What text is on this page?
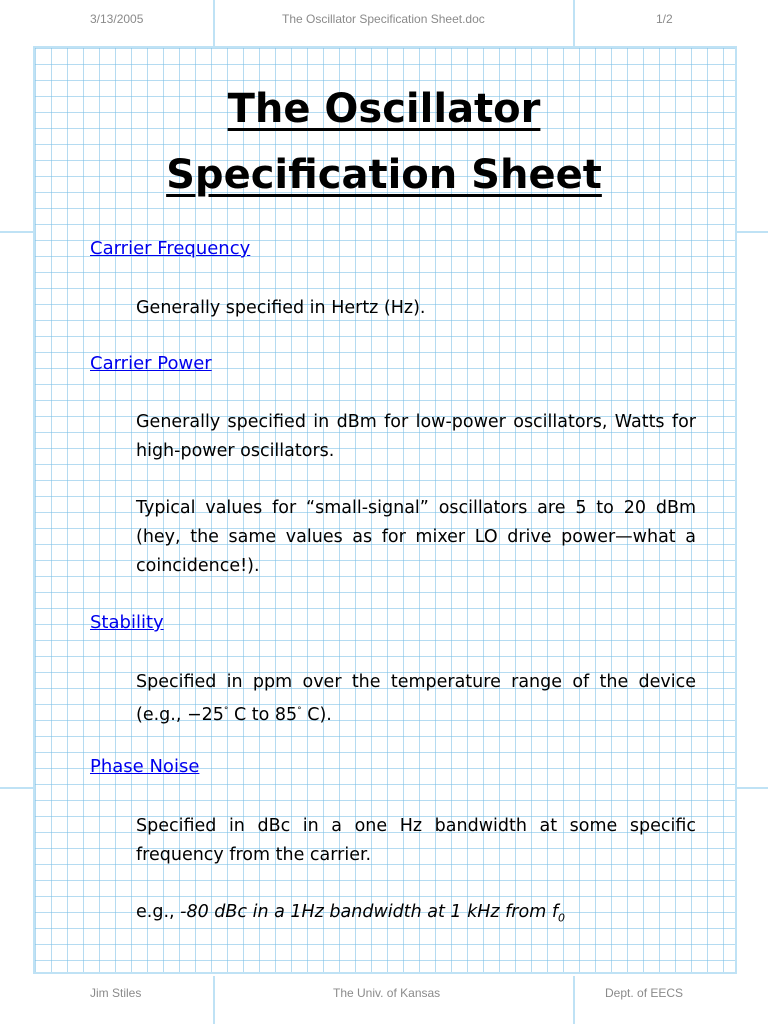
3/13/2005	The Oscillator Specification Sheet.doc	1/2
The Oscillator
Specification Sheet
Carrier Frequency
Generally specified in Hertz (Hz).
Carrier Power
Generally specified in dBm for low-power oscillators, Watts for high-power oscillators.
Typical values for “small-signal” oscillators are 5 to 20 dBm (hey, the same values as for mixer LO drive power—what a coincidence!).
Stability
Specified in ppm over the temperature range of the device (e.g., −25° C to 85° C).
Phase Noise
Specified in dBc in a one Hz bandwidth at some specific frequency from the carrier.
e.g., -80 dBc in a 1Hz bandwidth at 1 kHz from $f_0$
Jim Stiles	The Univ. of Kansas	Dept. of EECS
